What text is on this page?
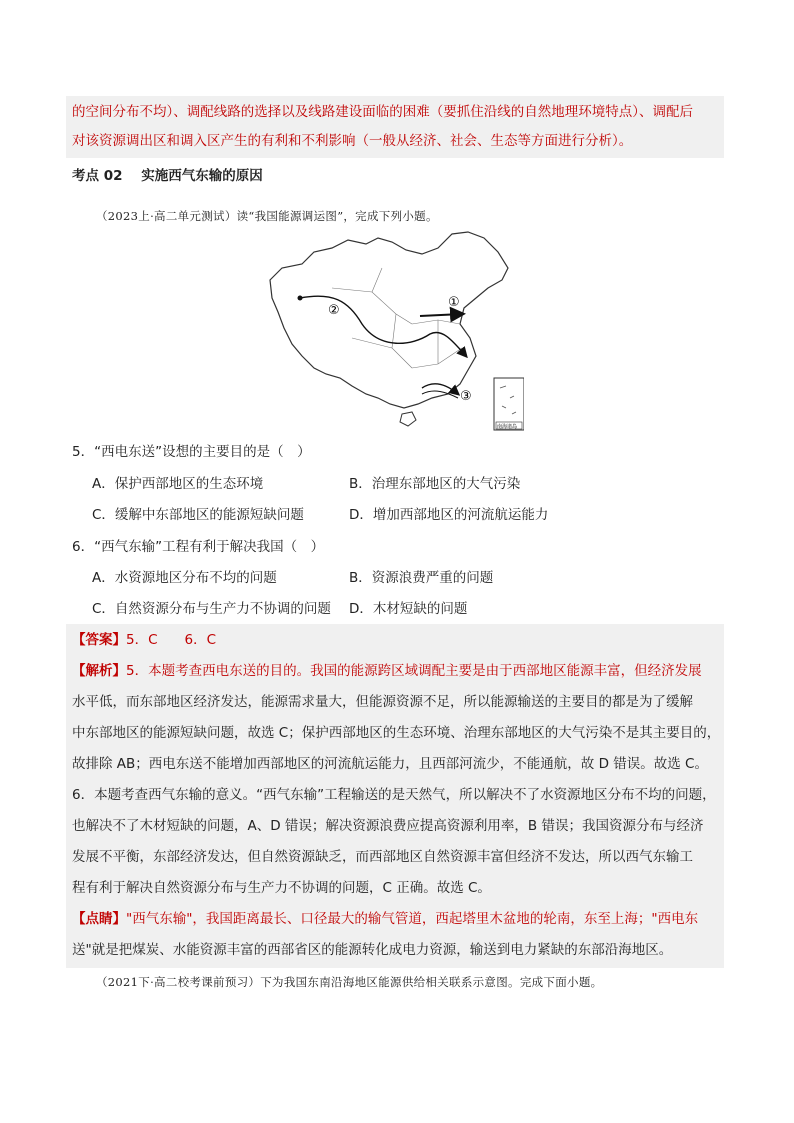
的空间分布不均）、调配线路的选择以及线路建设面临的困难（要抓住沿线的自然地理环境特点）、调配后
对该资源调出区和调入区产生的有利和不利影响（一般从经济、社会、生态等方面进行分析）。
考点 02 实施西气东输的原因
（2023上·高二单元测试）读“我国能源调运图”，完成下列小题。
①
②
③
南海诸岛
5．“西电东送”设想的主要目的是（　）
A．保护西部地区的生态环境	B．治理东部地区的大气污染
C．缓解中东部地区的能源短缺问题	D．增加西部地区的河流航运能力
6．“西气东输”工程有利于解决我国（　）
A．水资源地区分布不均的问题	B．资源浪费严重的问题
C．自然资源分布与生产力不协调的问题 D．木材短缺的问题
【答案】5．C　　6．C
【解析】5．本题考查西电东送的目的。我国的能源跨区域调配主要是由于西部地区能源丰富，但经济发展
水平低，而东部地区经济发达，能源需求量大，但能源资源不足，所以能源输送的主要目的都是为了缓解
中东部地区的能源短缺问题，故选 C；保护西部地区的生态环境、治理东部地区的大气污染不是其主要目的，
故排除 AB；西电东送不能增加西部地区的河流航运能力，且西部河流少，不能通航，故 D 错误。故选 C。
6．本题考查西气东输的意义。“西气东输”工程输送的是天然气，所以解决不了水资源地区分布不均的问题，
也解决不了木材短缺的问题，A、D 错误；解决资源浪费应提高资源利用率，B 错误；我国资源分布与经济
发展不平衡，东部经济发达，但自然资源缺乏，而西部地区自然资源丰富但经济不发达，所以西气东输工
程有利于解决自然资源分布与生产力不协调的问题，C 正确。故选 C。
【点睛】"西气东输"，我国距离最长、口径最大的输气管道，西起塔里木盆地的轮南，东至上海；"西电东
送"就是把煤炭、水能资源丰富的西部省区的能源转化成电力资源，输送到电力紧缺的东部沿海地区。
（2021下·高二校考课前预习）下为我国东南沿海地区能源供给相关联系示意图。完成下面小题。
